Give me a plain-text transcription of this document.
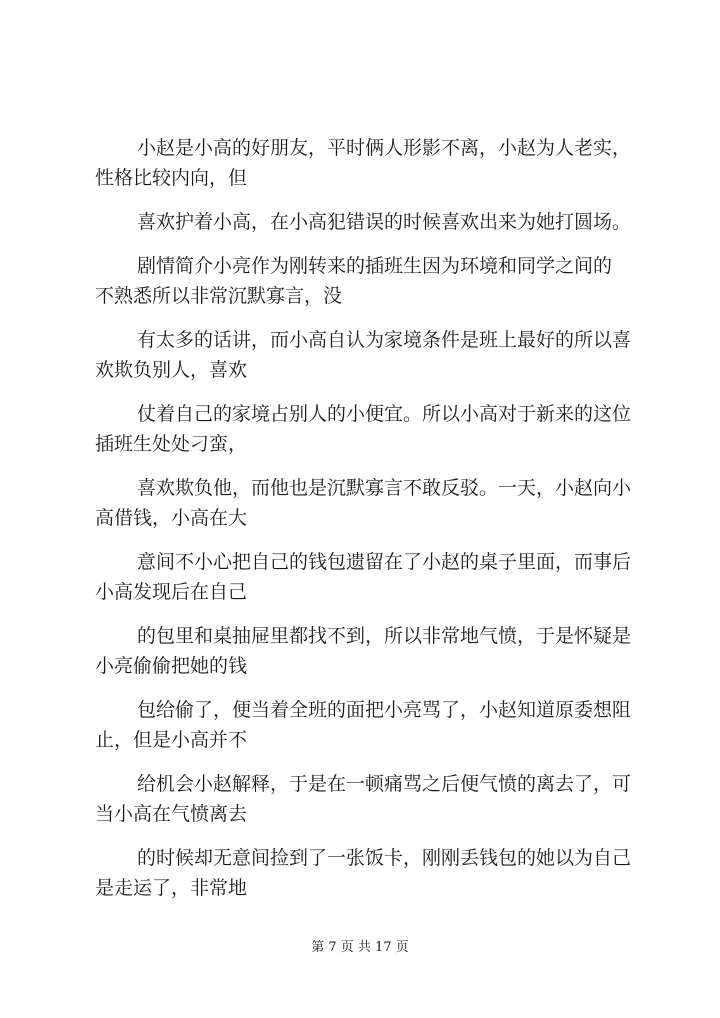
小赵是小高的好朋友，平时俩人形影不离，小赵为人老实，
性格比较内向，但
喜欢护着小高，在小高犯错误的时候喜欢出来为她打圆场。
剧情简介小亮作为刚转来的插班生因为环境和同学之间的
不熟悉所以非常沉默寡言，没
有太多的话讲，而小高自认为家境条件是班上最好的所以喜
欢欺负别人，喜欢
仗着自己的家境占别人的小便宜。所以小高对于新来的这位
插班生处处刁蛮，
喜欢欺负他，而他也是沉默寡言不敢反驳。一天，小赵向小
高借钱，小高在大
意间不小心把自己的钱包遗留在了小赵的桌子里面，而事后
小高发现后在自己
的包里和桌抽屉里都找不到，所以非常地气愤，于是怀疑是
小亮偷偷把她的钱
包给偷了，便当着全班的面把小亮骂了，小赵知道原委想阻
止，但是小高并不
给机会小赵解释，于是在一顿痛骂之后便气愤的离去了，可
当小高在气愤离去
的时候却无意间捡到了一张饭卡，刚刚丢钱包的她以为自己
是走运了，非常地
第 7 页 共 17 页
